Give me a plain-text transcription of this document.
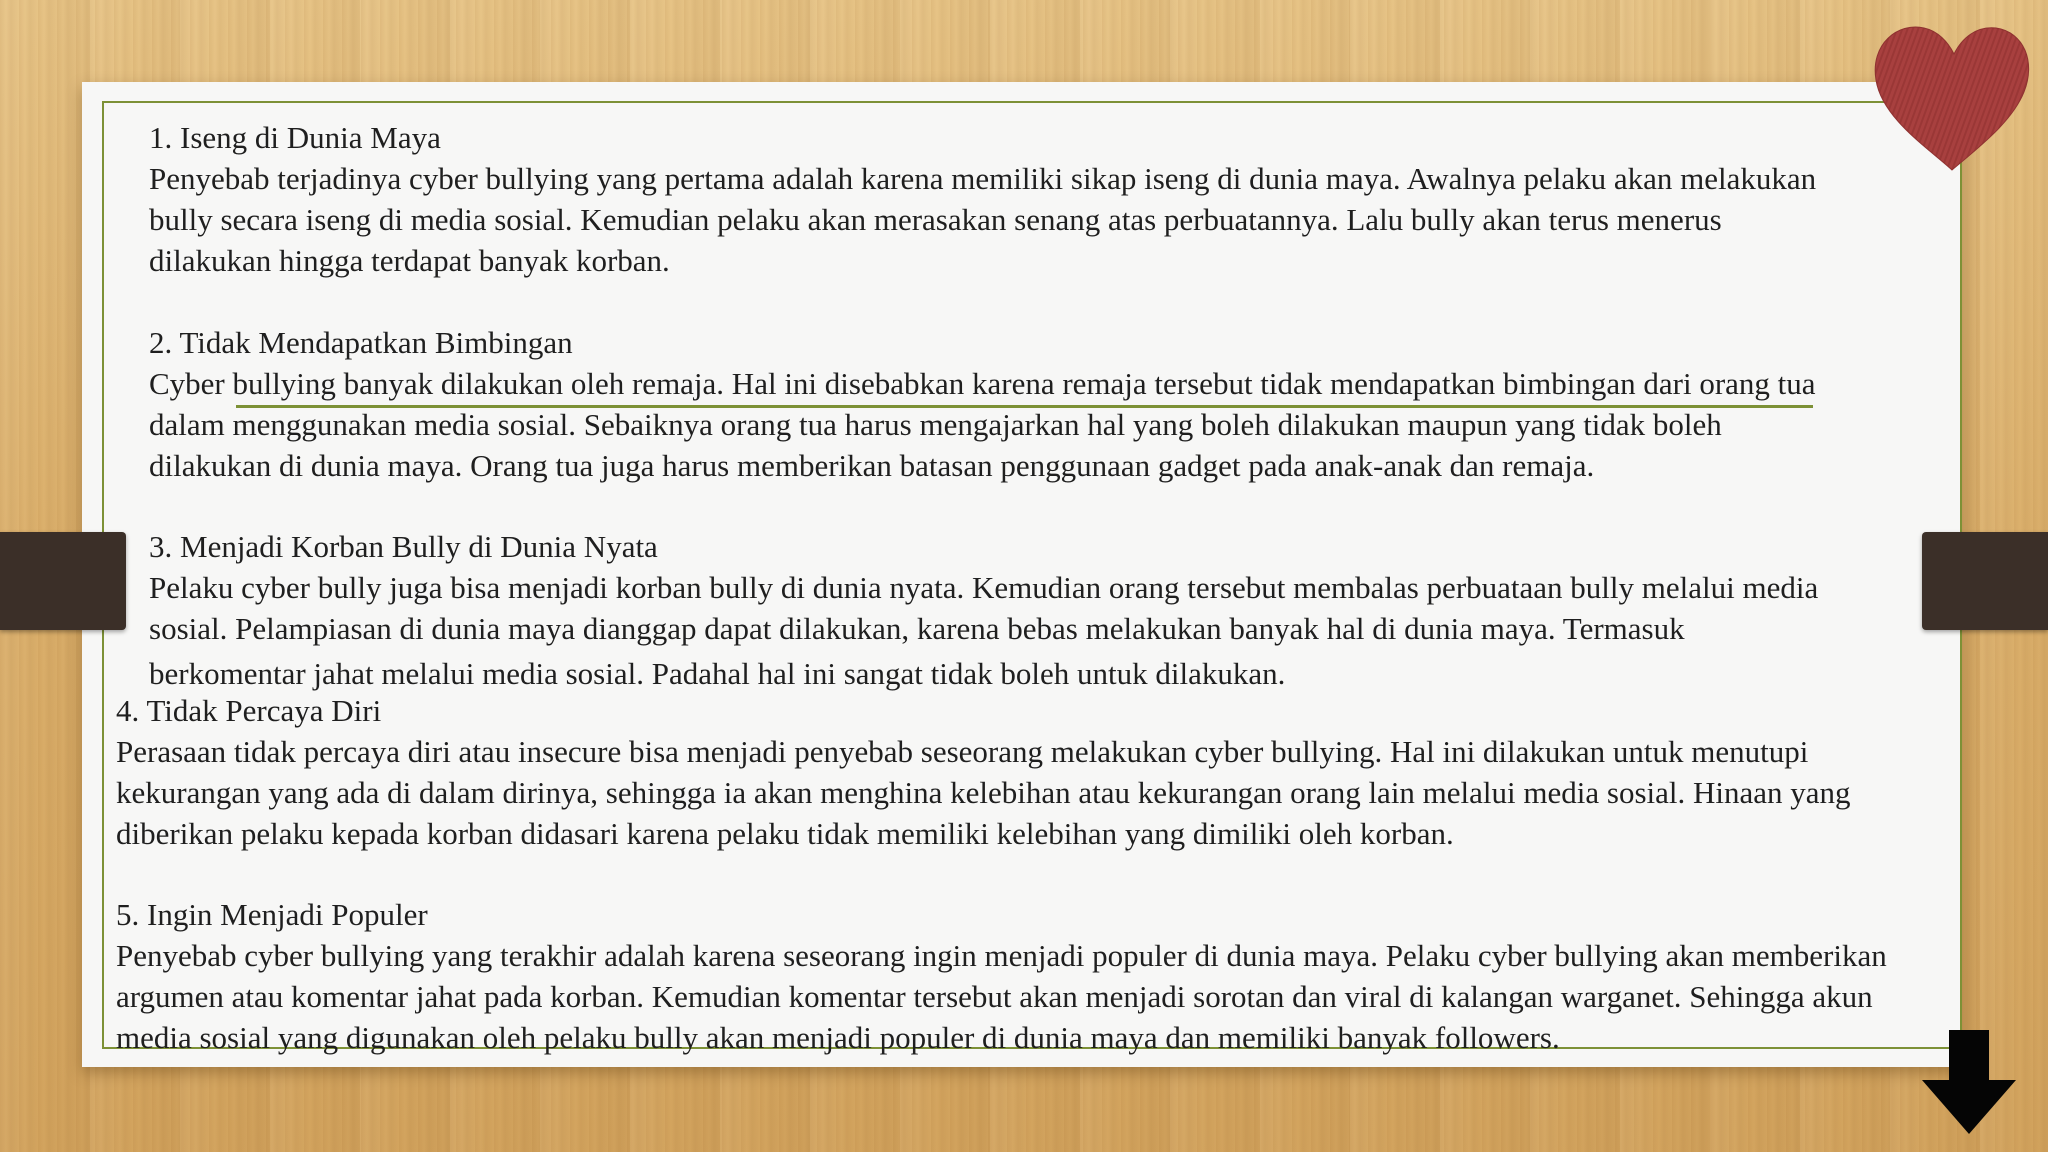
1. Iseng di Dunia Maya

Penyebab terjadinya cyber bullying yang pertama adalah karena memiliki sikap iseng di dunia maya. Awalnya pelaku akan melakukan

bully secara iseng di media sosial. Kemudian pelaku akan merasakan senang atas perbuatannya. Lalu bully akan terus menerus

dilakukan hingga terdapat banyak korban.

2. Tidak Mendapatkan Bimbingan

Cyber bullying banyak dilakukan oleh remaja. Hal ini disebabkan karena remaja tersebut tidak mendapatkan bimbingan dari orang tua

dalam menggunakan media sosial. Sebaiknya orang tua harus mengajarkan hal yang boleh dilakukan maupun yang tidak boleh

dilakukan di dunia maya. Orang tua juga harus memberikan batasan penggunaan gadget pada anak-anak dan remaja.

3. Menjadi Korban Bully di Dunia Nyata

Pelaku cyber bully juga bisa menjadi korban bully di dunia nyata. Kemudian orang tersebut membalas perbuataan bully melalui media

sosial. Pelampiasan di dunia maya dianggap dapat dilakukan, karena bebas melakukan banyak hal di dunia maya. Termasuk

berkomentar jahat melalui media sosial. Padahal hal ini sangat tidak boleh untuk dilakukan.

4. Tidak Percaya Diri

Perasaan tidak percaya diri atau insecure bisa menjadi penyebab seseorang melakukan cyber bullying. Hal ini dilakukan untuk menutupi

kekurangan yang ada di dalam dirinya, sehingga ia akan menghina kelebihan atau kekurangan orang lain melalui media sosial. Hinaan yang

diberikan pelaku kepada korban didasari karena pelaku tidak memiliki kelebihan yang dimiliki oleh korban.

5. Ingin Menjadi Populer

Penyebab cyber bullying yang terakhir adalah karena seseorang ingin menjadi populer di dunia maya. Pelaku cyber bullying akan memberikan

argumen atau komentar jahat pada korban. Kemudian komentar tersebut akan menjadi sorotan dan viral di kalangan warganet. Sehingga akun

media sosial yang digunakan oleh pelaku bully akan menjadi populer di dunia maya dan memiliki banyak followers.
